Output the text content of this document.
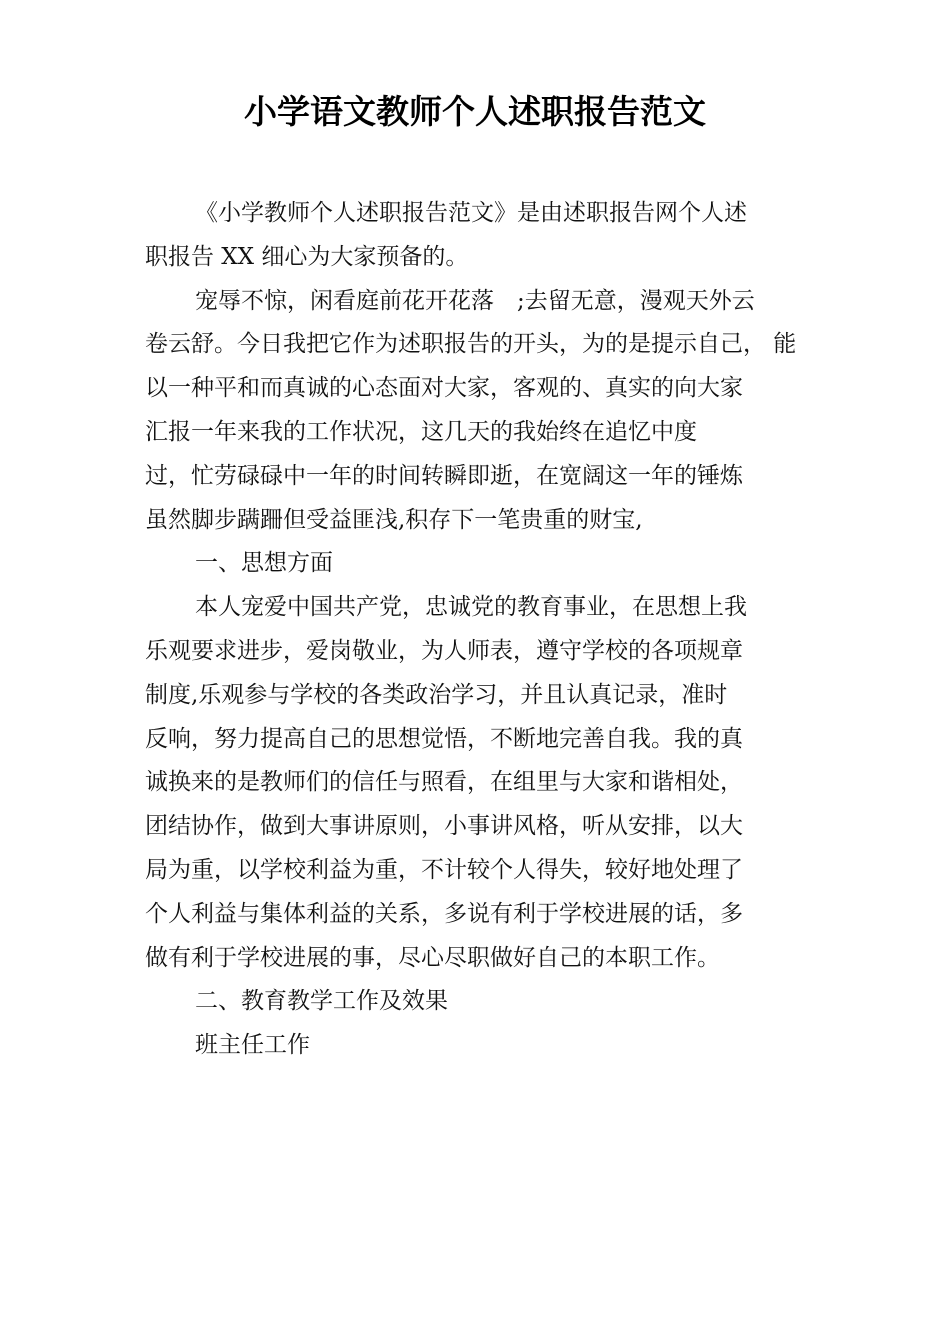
小学语文教师个人述职报告范文

《小学教师个人述职报告范文》是由述职报告网个人述

职报告 XX 细心为大家预备的。

宠辱不惊，闲看庭前花开花落　;去留无意，漫观天外云

卷云舒。今日我把它作为述职报告的开头，为的是提示自己， 能

以一种平和而真诚的心态面对大家，客观的、真实的向大家

汇报一年来我的工作状况，这几天的我始终在追忆中度

过，忙劳碌碌中一年的时间转瞬即逝，在宽阔这一年的锤炼

虽然脚步蹒跚但受益匪浅,积存下一笔贵重的财宝,

一、思想方面

本人宠爱中国共产党，忠诚党的教育事业，在思想上我

乐观要求进步，爱岗敬业，为人师表，遵守学校的各项规章

制度,乐观参与学校的各类政治学习，并且认真记录，准时

反响，努力提高自己的思想觉悟，不断地完善自我。我的真

诚换来的是教师们的信任与照看，在组里与大家和谐相处，

团结协作，做到大事讲原则，小事讲风格，听从安排，以大

局为重，以学校利益为重，不计较个人得失，较好地处理了

个人利益与集体利益的关系，多说有利于学校进展的话，多

做有利于学校进展的事，尽心尽职做好自己的本职工作。

二、教育教学工作及效果

班主任工作
